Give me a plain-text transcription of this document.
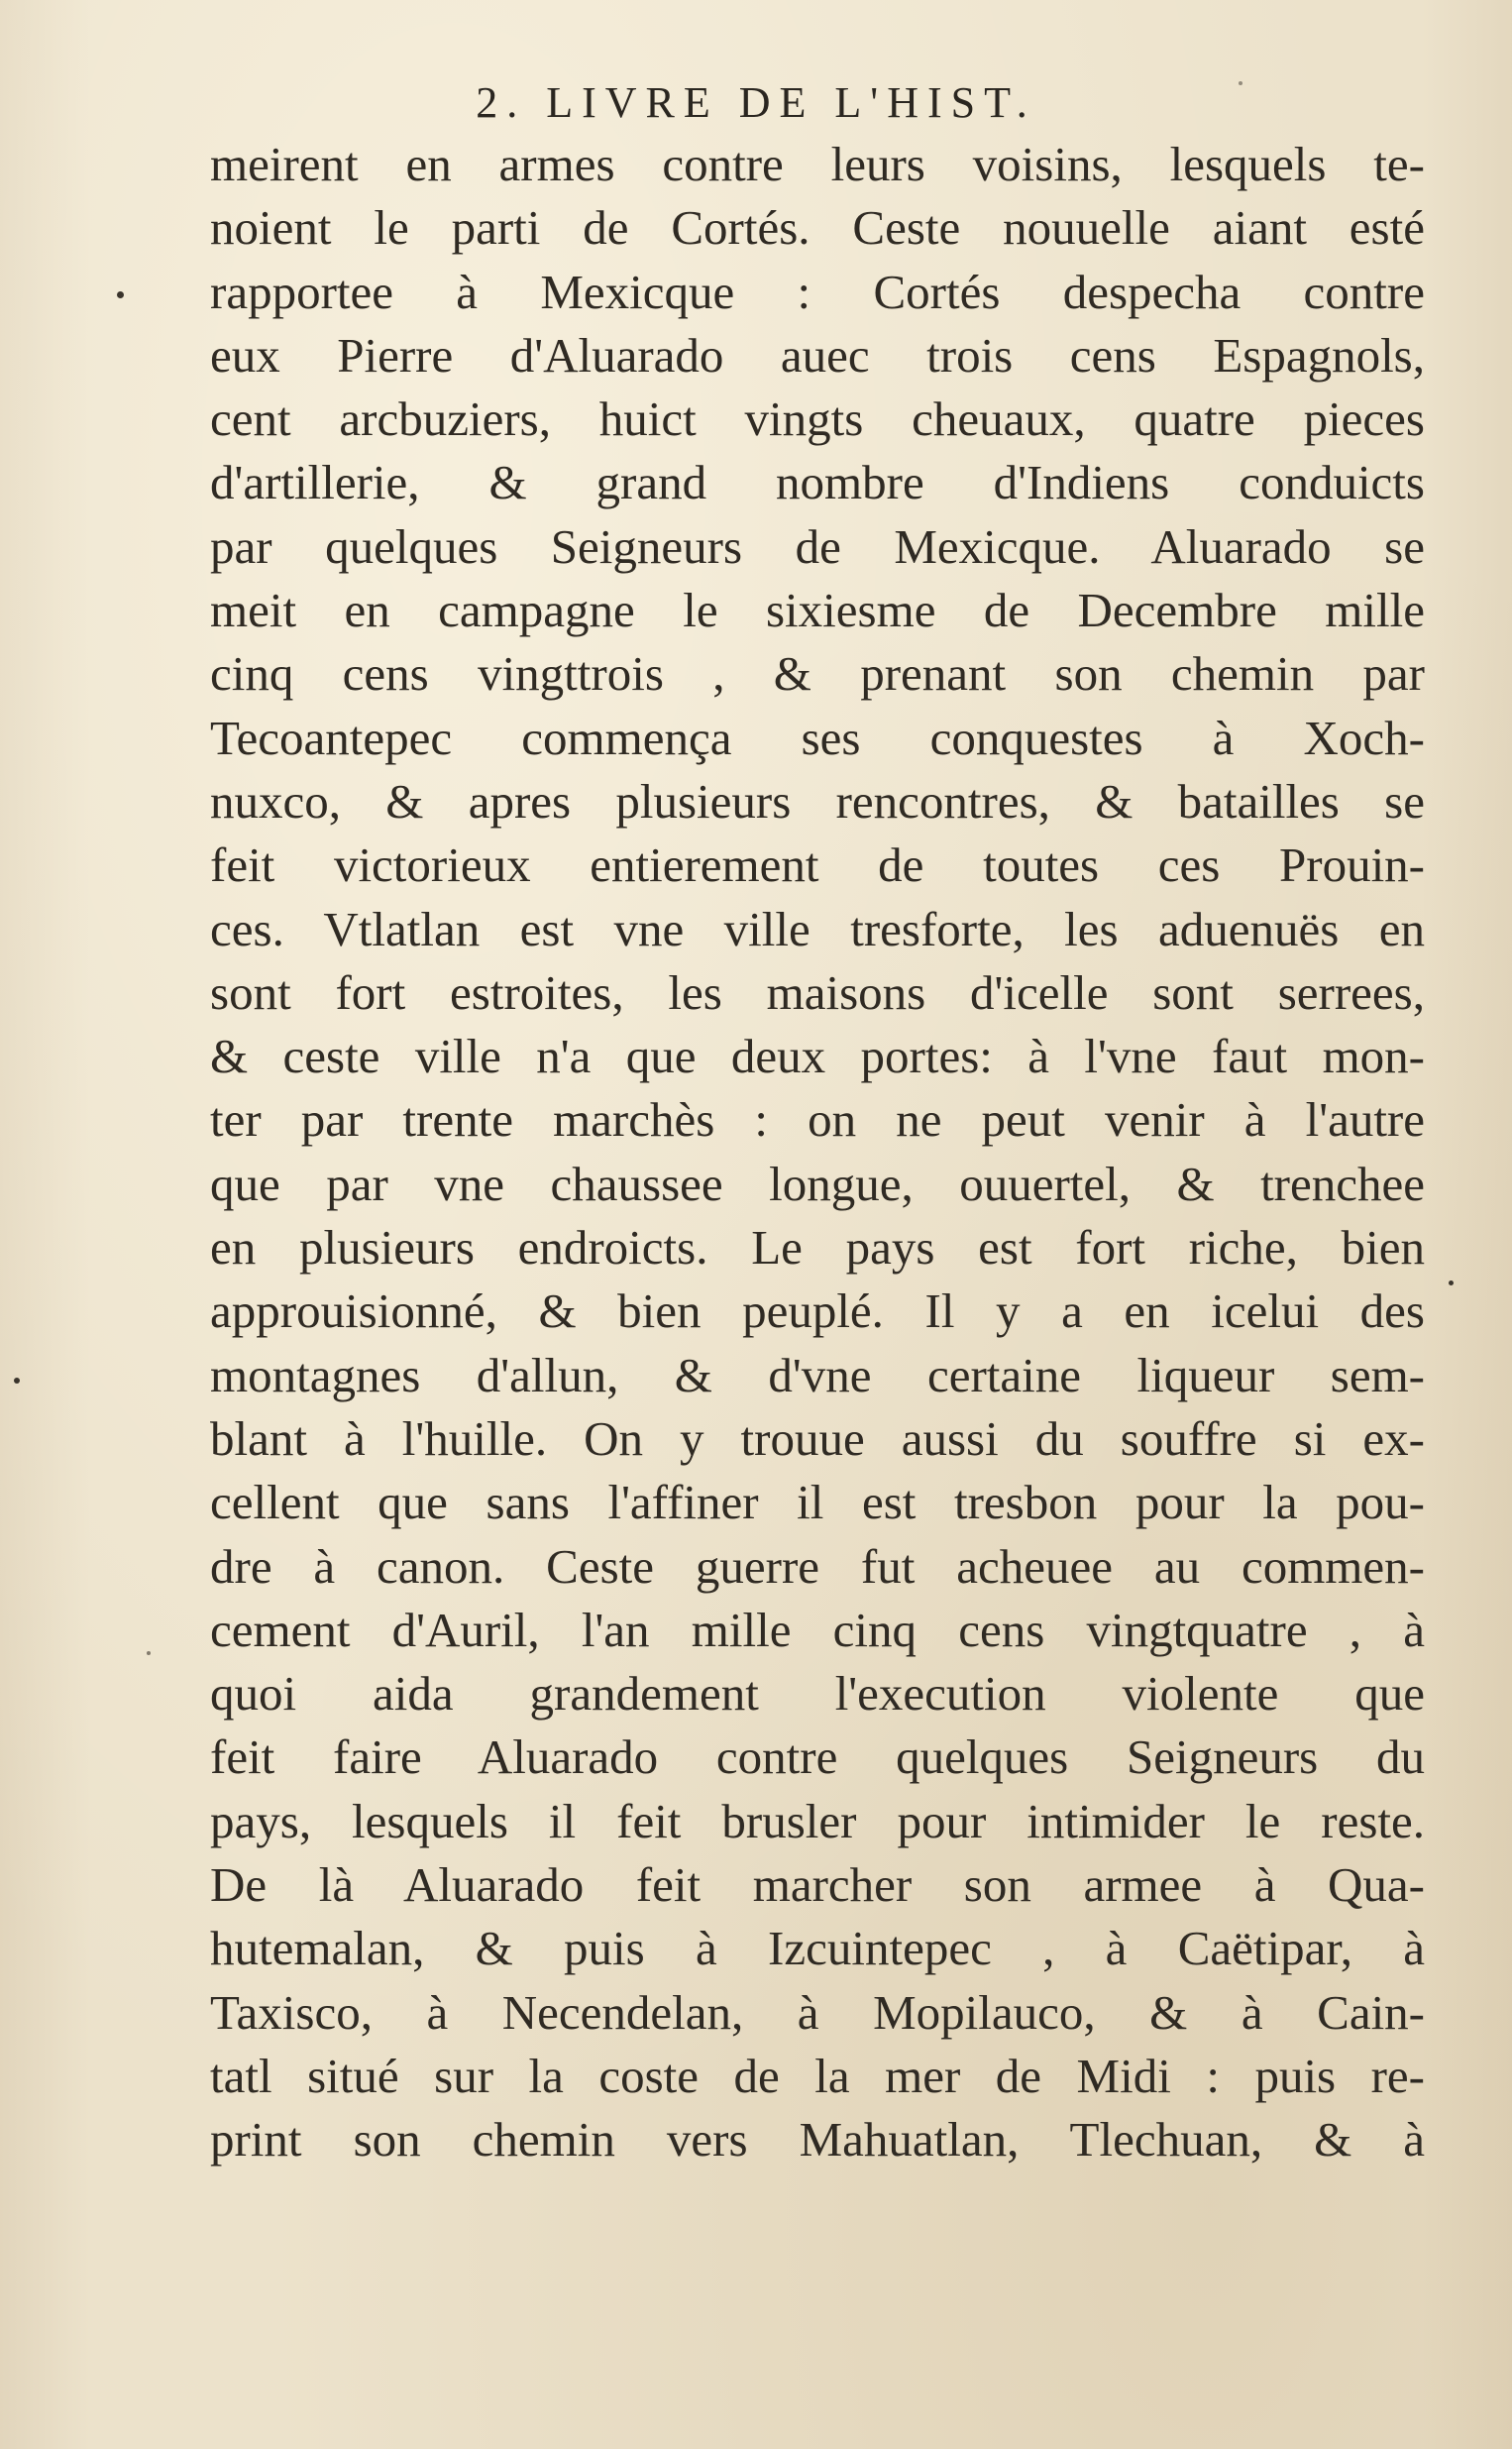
2. LIVRE DE L'HIST.
meirent en armes contre leurs voisins, lesquels te-
noient le parti de Cortés. Ceste nouuelle aiant esté
rapportee à Mexicque : Cortés despecha contre
eux Pierre d'Aluarado auec trois cens Espagnols,
cent arcbuziers, huict vingts cheuaux, quatre pieces
d'artillerie, & grand nombre d'Indiens conduicts
par quelques Seigneurs de Mexicque. Aluarado se
meit en campagne le sixiesme de Decembre mille
cinq cens vingttrois , & prenant son chemin par
Tecoantepec commença ses conquestes à Xoch-
nuxco, & apres plusieurs rencontres, & batailles se
feit victorieux entierement de toutes ces Prouin-
ces. Vtlatlan est vne ville tresforte, les aduenuës en
sont fort estroites, les maisons d'icelle sont serrees,
& ceste ville n'a que deux portes: à l'vne faut mon-
ter par trente marchès : on ne peut venir à l'autre
que par vne chaussee longue, ouuertel, & trenchee
en plusieurs endroicts. Le pays est fort riche, bien
approuisionné, & bien peuplé. Il y a en icelui des
montagnes d'allun, & d'vne certaine liqueur sem-
blant à l'huille. On y trouue aussi du souffre si ex-
cellent que sans l'affiner il est tresbon pour la pou-
dre à canon. Ceste guerre fut acheuee au commen-
cement d'Auril, l'an mille cinq cens vingtquatre , à
quoi aida grandement l'execution violente que
feit faire Aluarado contre quelques Seigneurs du
pays, lesquels il feit brusler pour intimider le reste.
De là Aluarado feit marcher son armee à Qua-
hutemalan, & puis à Izcuintepec , à Caëtipar, à
Taxisco, à Necendelan, à Mopilauco, & à Cain-
tatl situé sur la coste de la mer de Midi : puis re-
print son chemin vers Mahuatlan, Tlechuan, & à
